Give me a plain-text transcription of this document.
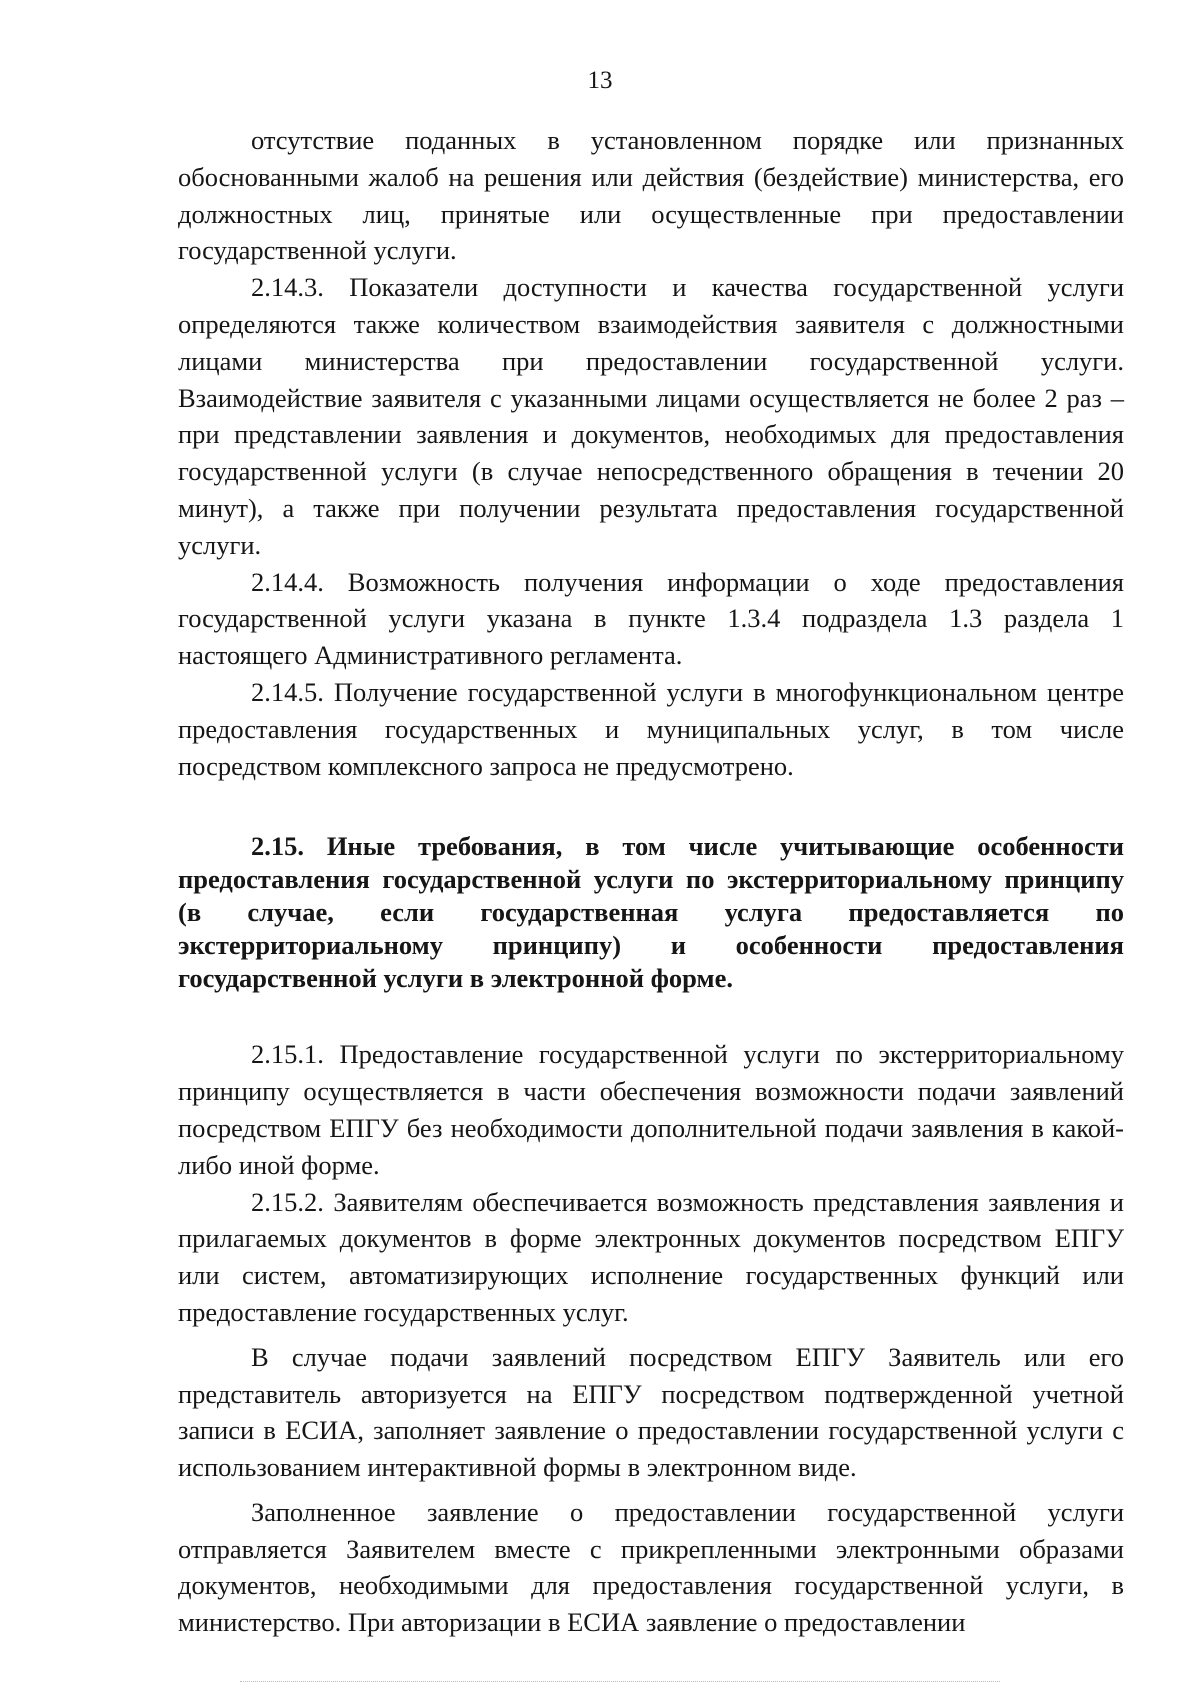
13

отсутствие поданных в установленном порядке или признанных обоснованными жалоб на решения или действия (бездействие) министерства, его должностных лиц, принятые или осуществленные при предоставлении государственной услуги.

2.14.3. Показатели доступности и качества государственной услуги определяются также количеством взаимодействия заявителя с должностными лицами министерства при предоставлении государственной услуги. Взаимодействие заявителя с указанными лицами осуществляется не более 2 раз – при представлении заявления и документов, необходимых для предоставления государственной услуги (в случае непосредственного обращения в течении 20 минут), а также при получении результата предоставления государственной услуги.

2.14.4. Возможность получения информации о ходе предоставления государственной услуги указана в пункте 1.3.4 подраздела 1.3 раздела 1 настоящего Административного регламента.

2.14.5. Получение государственной услуги в многофункциональном центре предоставления государственных и муниципальных услуг, в том числе посредством комплексного запроса не предусмотрено.

2.15. Иные требования, в том числе учитывающие особенности предоставления государственной услуги по экстерриториальному принципу (в случае, если государственная услуга предоставляется по экстерриториальному принципу) и особенности предоставления государственной услуги в электронной форме.

2.15.1. Предоставление государственной услуги по экстерриториальному принципу осуществляется в части обеспечения возможности подачи заявлений посредством ЕПГУ без необходимости дополнительной подачи заявления в какой-либо иной форме.

2.15.2. Заявителям обеспечивается возможность представления заявления и прилагаемых документов в форме электронных документов посредством ЕПГУ или систем, автоматизирующих исполнение государственных функций или предоставление государственных услуг.

В случае подачи заявлений посредством ЕПГУ Заявитель или его представитель авторизуется на ЕПГУ посредством подтвержденной учетной записи в ЕСИА, заполняет заявление о предоставлении государственной услуги с использованием интерактивной формы в электронном виде.

Заполненное заявление о предоставлении государственной услуги отправляется Заявителем вместе с прикрепленными электронными образами документов, необходимыми для предоставления государственной услуги, в министерство. При авторизации в ЕСИА заявление о предоставлении
